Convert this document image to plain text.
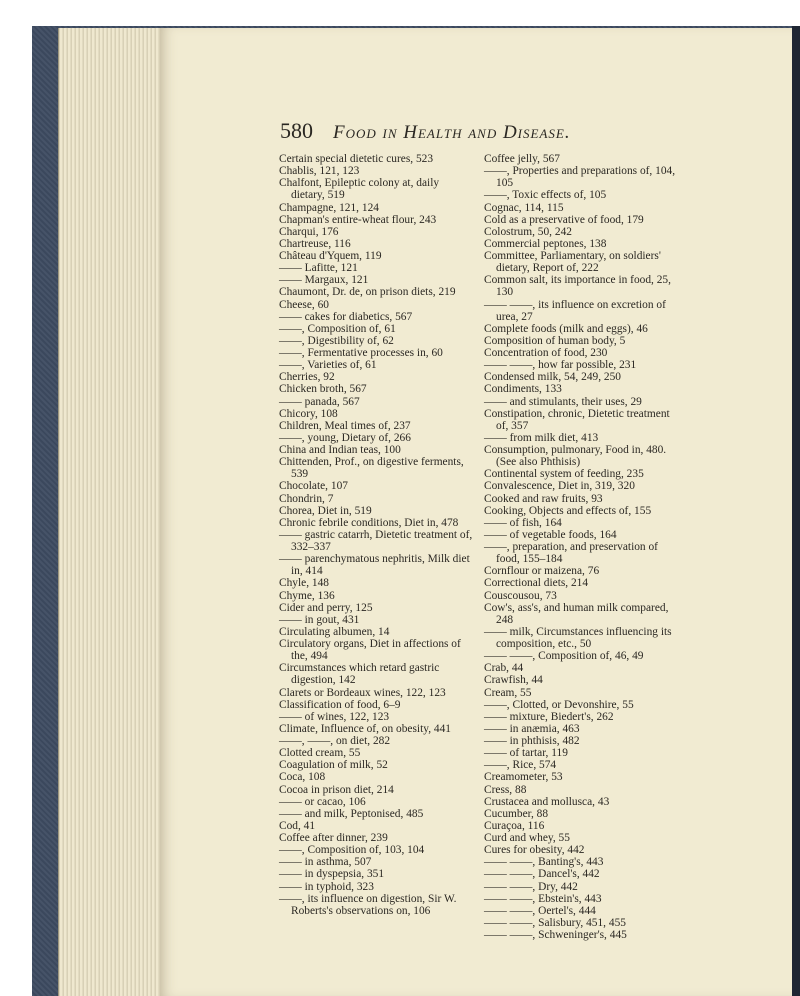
580 Food in Health and Disease.

Certain special dietetic cures, 523

Chablis, 121, 123

Chalfont, Epileptic colony at, daily dietary, 519

Champagne, 121, 124

Chapman's entire-wheat flour, 243

Charqui, 176

Chartreuse, 116

Château d'Yquem, 119

—— Lafitte, 121

—— Margaux, 121

Chaumont, Dr. de, on prison diets, 219

Cheese, 60

—— cakes for diabetics, 567

——, Composition of, 61

——, Digestibility of, 62

——, Fermentative processes in, 60

——, Varieties of, 61

Cherries, 92

Chicken broth, 567

—— panada, 567

Chicory, 108

Children, Meal times of, 237

——, young, Dietary of, 266

China and Indian teas, 100

Chittenden, Prof., on digestive ferments, 539

Chocolate, 107

Chondrin, 7

Chorea, Diet in, 519

Chronic febrile conditions, Diet in, 478

—— gastric catarrh, Dietetic treatment of, 332–337

—— parenchymatous nephritis, Milk diet in, 414

Chyle, 148

Chyme, 136

Cider and perry, 125

—— in gout, 431

Circulating albumen, 14

Circulatory organs, Diet in affections of the, 494

Circumstances which retard gastric digestion, 142

Clarets or Bordeaux wines, 122, 123

Classification of food, 6–9

—— of wines, 122, 123

Climate, Influence of, on obesity, 441

——, ——, on diet, 282

Clotted cream, 55

Coagulation of milk, 52

Coca, 108

Cocoa in prison diet, 214

—— or cacao, 106

—— and milk, Peptonised, 485

Cod, 41

Coffee after dinner, 239

——, Composition of, 103, 104

—— in asthma, 507

—— in dyspepsia, 351

—— in typhoid, 323

——, its influence on digestion, Sir W. Roberts's observations on, 106

Coffee jelly, 567

——, Properties and preparations of, 104, 105

——, Toxic effects of, 105

Cognac, 114, 115

Cold as a preservative of food, 179

Colostrum, 50, 242

Commercial peptones, 138

Committee, Parliamentary, on soldiers' dietary, Report of, 222

Common salt, its importance in food, 25, 130

—— ——, its influence on excretion of urea, 27

Complete foods (milk and eggs), 46

Composition of human body, 5

Concentration of food, 230

—— ——, how far possible, 231

Condensed milk, 54, 249, 250

Condiments, 133

—— and stimulants, their uses, 29

Constipation, chronic, Dietetic treatment of, 357

—— from milk diet, 413

Consumption, pulmonary, Food in, 480. (See also Phthisis)

Continental system of feeding, 235

Convalescence, Diet in, 319, 320

Cooked and raw fruits, 93

Cooking, Objects and effects of, 155

—— of fish, 164

—— of vegetable foods, 164

——, preparation, and preservation of food, 155–184

Cornflour or maizena, 76

Correctional diets, 214

Couscousou, 73

Cow's, ass's, and human milk compared, 248

—— milk, Circumstances influencing its composition, etc., 50

—— ——, Composition of, 46, 49

Crab, 44

Crawfish, 44

Cream, 55

——, Clotted, or Devonshire, 55

—— mixture, Biedert's, 262

—— in anæmia, 463

—— in phthisis, 482

—— of tartar, 119

——, Rice, 574

Creamometer, 53

Cress, 88

Crustacea and mollusca, 43

Cucumber, 88

Curaçoa, 116

Curd and whey, 55

Cures for obesity, 442

—— ——, Banting's, 443

—— ——, Dancel's, 442

—— ——, Dry, 442

—— ——, Ebstein's, 443

—— ——, Oertel's, 444

—— ——, Salisbury, 451, 455

—— ——, Schweninger's, 445
